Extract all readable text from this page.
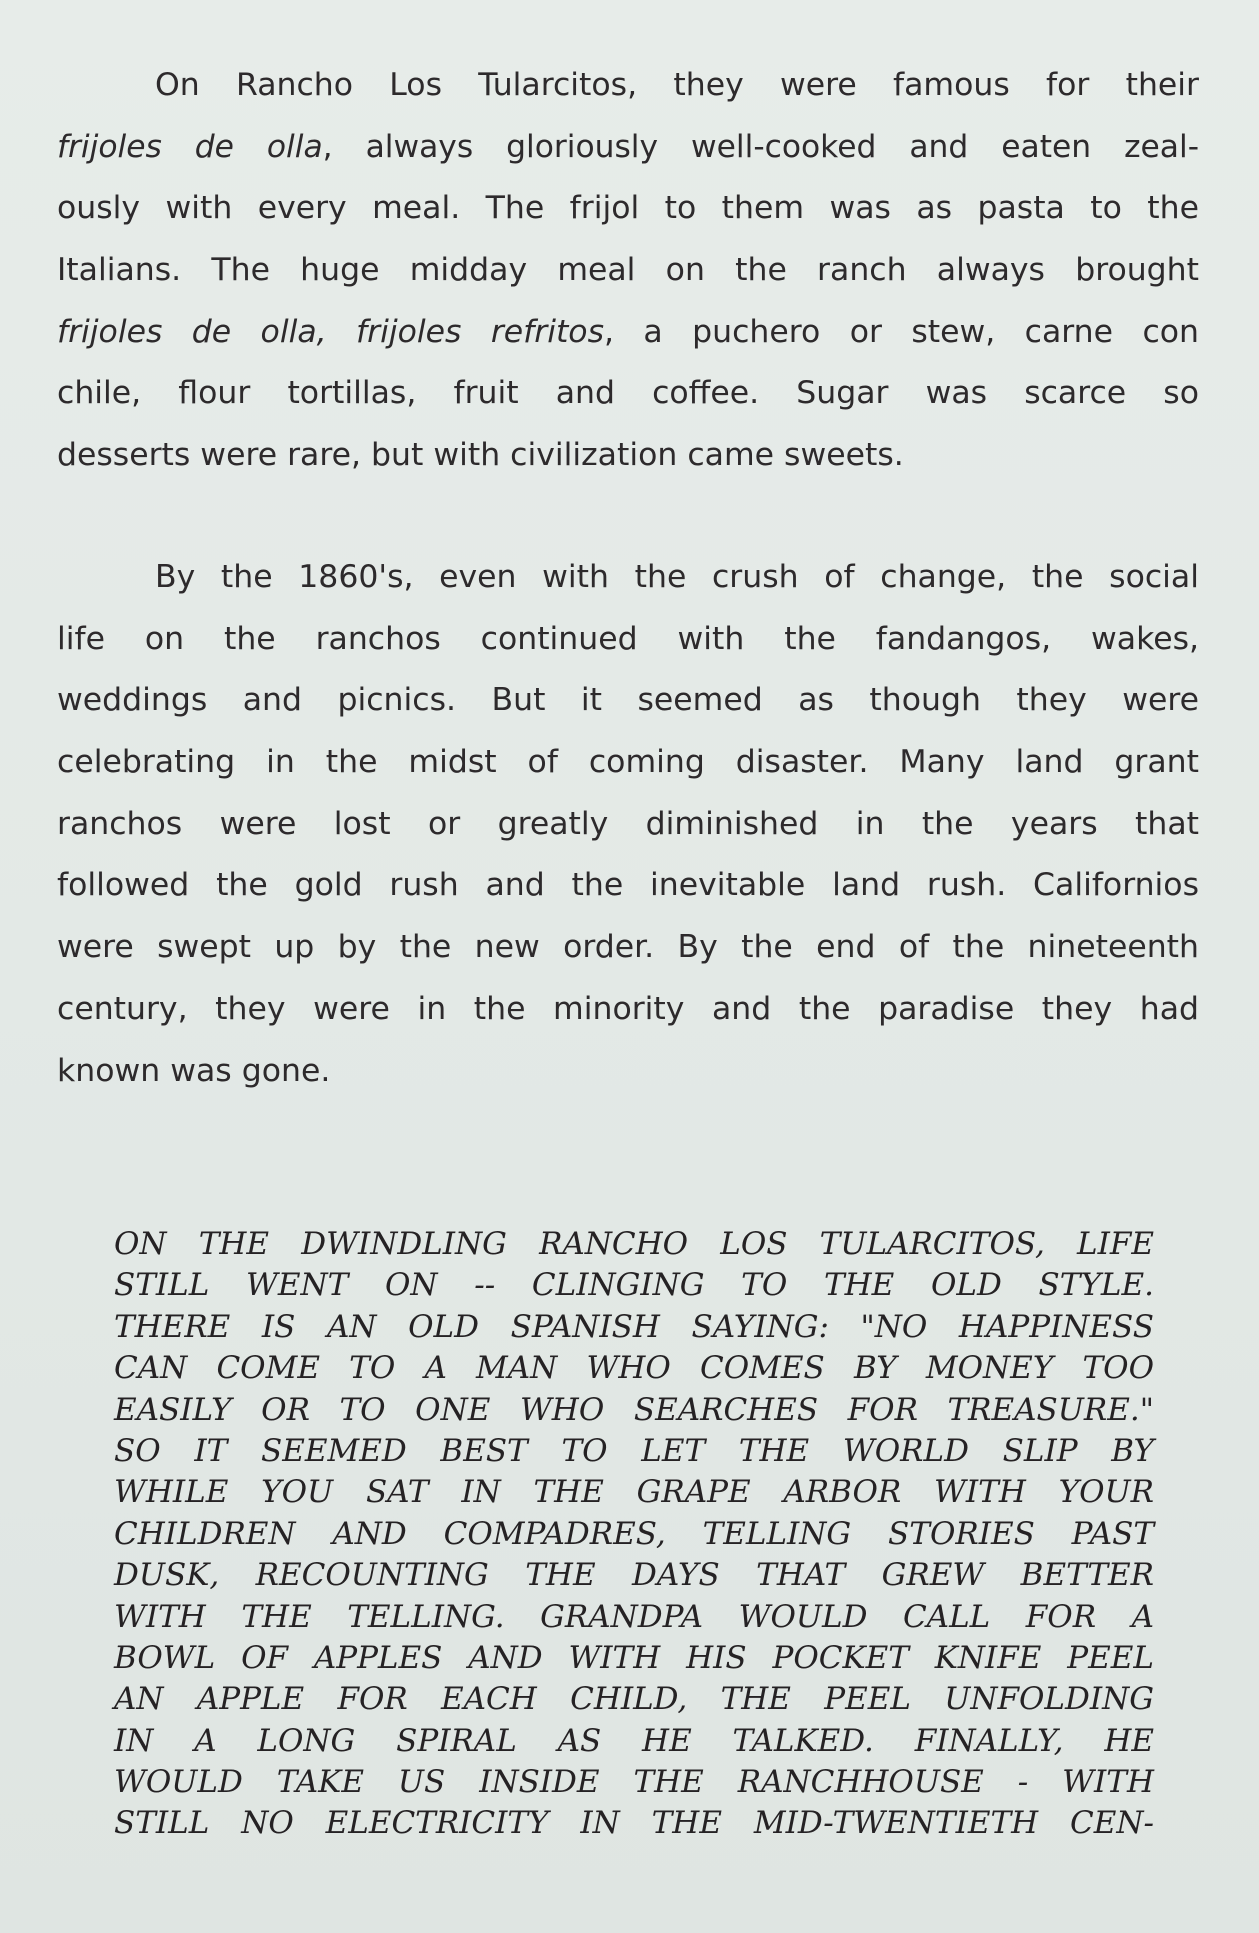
On Rancho Los Tularcitos, they were famous for their
frijoles de olla, always gloriously well-cooked and eaten zeal-
ously with every meal. The frijol to them was as pasta to the
Italians. The huge midday meal on the ranch always brought
frijoles de olla, frijoles refritos, a puchero or stew, carne con
chile, flour tortillas, fruit and coffee. Sugar was scarce so
desserts were rare, but with civilization came sweets.
By the 1860's, even with the crush of change, the social
life on the ranchos continued with the fandangos, wakes,
weddings and picnics. But it seemed as though they were
celebrating in the midst of coming disaster. Many land grant
ranchos were lost or greatly diminished in the years that
followed the gold rush and the inevitable land rush. Californios
were swept up by the new order. By the end of the nineteenth
century, they were in the minority and the paradise they had
known was gone.
ON THE DWINDLING RANCHO LOS TULARCITOS, LIFE
STILL WENT ON -- CLINGING TO THE OLD STYLE.
THERE IS AN OLD SPANISH SAYING: "NO HAPPINESS
CAN COME TO A MAN WHO COMES BY MONEY TOO
EASILY OR TO ONE WHO SEARCHES FOR TREASURE."
SO IT SEEMED BEST TO LET THE WORLD SLIP BY
WHILE YOU SAT IN THE GRAPE ARBOR WITH YOUR
CHILDREN AND COMPADRES, TELLING STORIES PAST
DUSK, RECOUNTING THE DAYS THAT GREW BETTER
WITH THE TELLING. GRANDPA WOULD CALL FOR A
BOWL OF APPLES AND WITH HIS POCKET KNIFE PEEL
AN APPLE FOR EACH CHILD, THE PEEL UNFOLDING
IN A LONG SPIRAL AS HE TALKED. FINALLY, HE
WOULD TAKE US INSIDE THE RANCHHOUSE - WITH
STILL NO ELECTRICITY IN THE MID-TWENTIETH CEN-
